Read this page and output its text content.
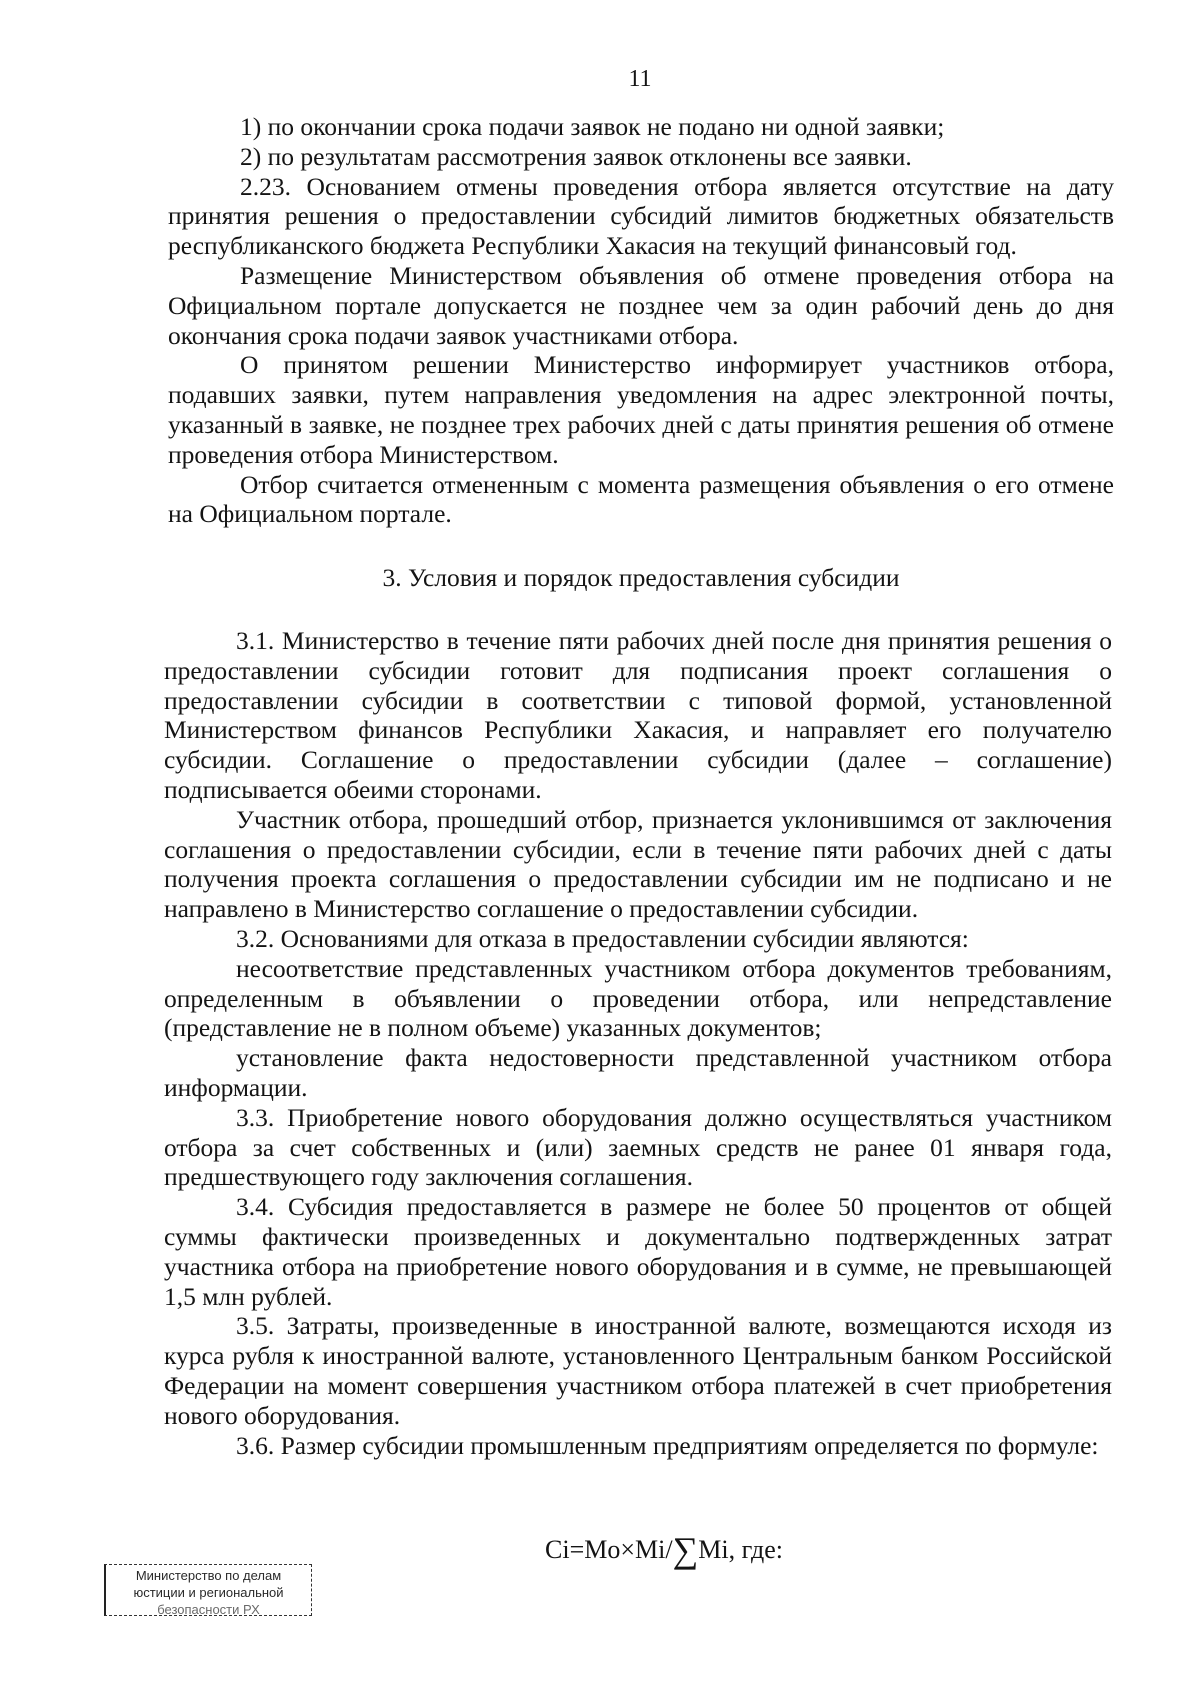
11

1) по окончании срока подачи заявок не подано ни одной заявки;

2) по результатам рассмотрения заявок отклонены все заявки.

2.23. Основанием отмены проведения отбора является отсутствие на дату принятия решения о предоставлении субсидий лимитов бюджетных обязательств республиканского бюджета Республики Хакасия на текущий финансовый год.

Размещение Министерством объявления об отмене проведения отбора на Официальном портале допускается не позднее чем за один рабочий день до дня окончания срока подачи заявок участниками отбора.

О принятом решении Министерство информирует участников отбора, подавших заявки, путем направления уведомления на адрес электронной почты, указанный в заявке, не позднее трех рабочих дней с даты принятия решения об отмене проведения отбора Министерством.

Отбор считается отмененным с момента размещения объявления о его отмене на Официальном портале.

3. Условия и порядок предоставления субсидии

3.1. Министерство в течение пяти рабочих дней после дня принятия решения о предоставлении субсидии готовит для подписания проект соглашения о предоставлении субсидии в соответствии с типовой формой, установленной Министерством финансов Республики Хакасия, и направляет его получателю субсидии. Соглашение о предоставлении субсидии (далее – соглашение) подписывается обеими сторонами.

Участник отбора, прошедший отбор, признается уклонившимся от заключения соглашения о предоставлении субсидии, если в течение пяти рабочих дней с даты получения проекта соглашения о предоставлении субсидии им не подписано и не направлено в Министерство соглашение о предоставлении субсидии.

3.2. Основаниями для отказа в предоставлении субсидии являются:

несоответствие представленных участником отбора документов требованиям, определенным в объявлении о проведении отбора, или непредставление (представление не в полном объеме) указанных документов;

установление факта недостоверности представленной участником отбора информации.

3.3. Приобретение нового оборудования должно осуществляться участником отбора за счет собственных и (или) заемных средств не ранее 01 января года, предшествующего году заключения соглашения.

3.4. Субсидия предоставляется в размере не более 50 процентов от общей суммы фактически произведенных и документально подтвержденных затрат участника отбора на приобретение нового оборудования и в сумме, не превышающей 1,5 млн рублей.

3.5. Затраты, произведенные в иностранной валюте, возмещаются исходя из курса рубля к иностранной валюте, установленного Центральным банком Российской Федерации на момент совершения участником отбора платежей в счет приобретения нового оборудования.

3.6. Размер субсидии промышленным предприятиям определяется по формуле:

Ci=Mo×Mi/∑Mi, где:
Министерство по делам
юстиции и региональной
безопасности РХ
